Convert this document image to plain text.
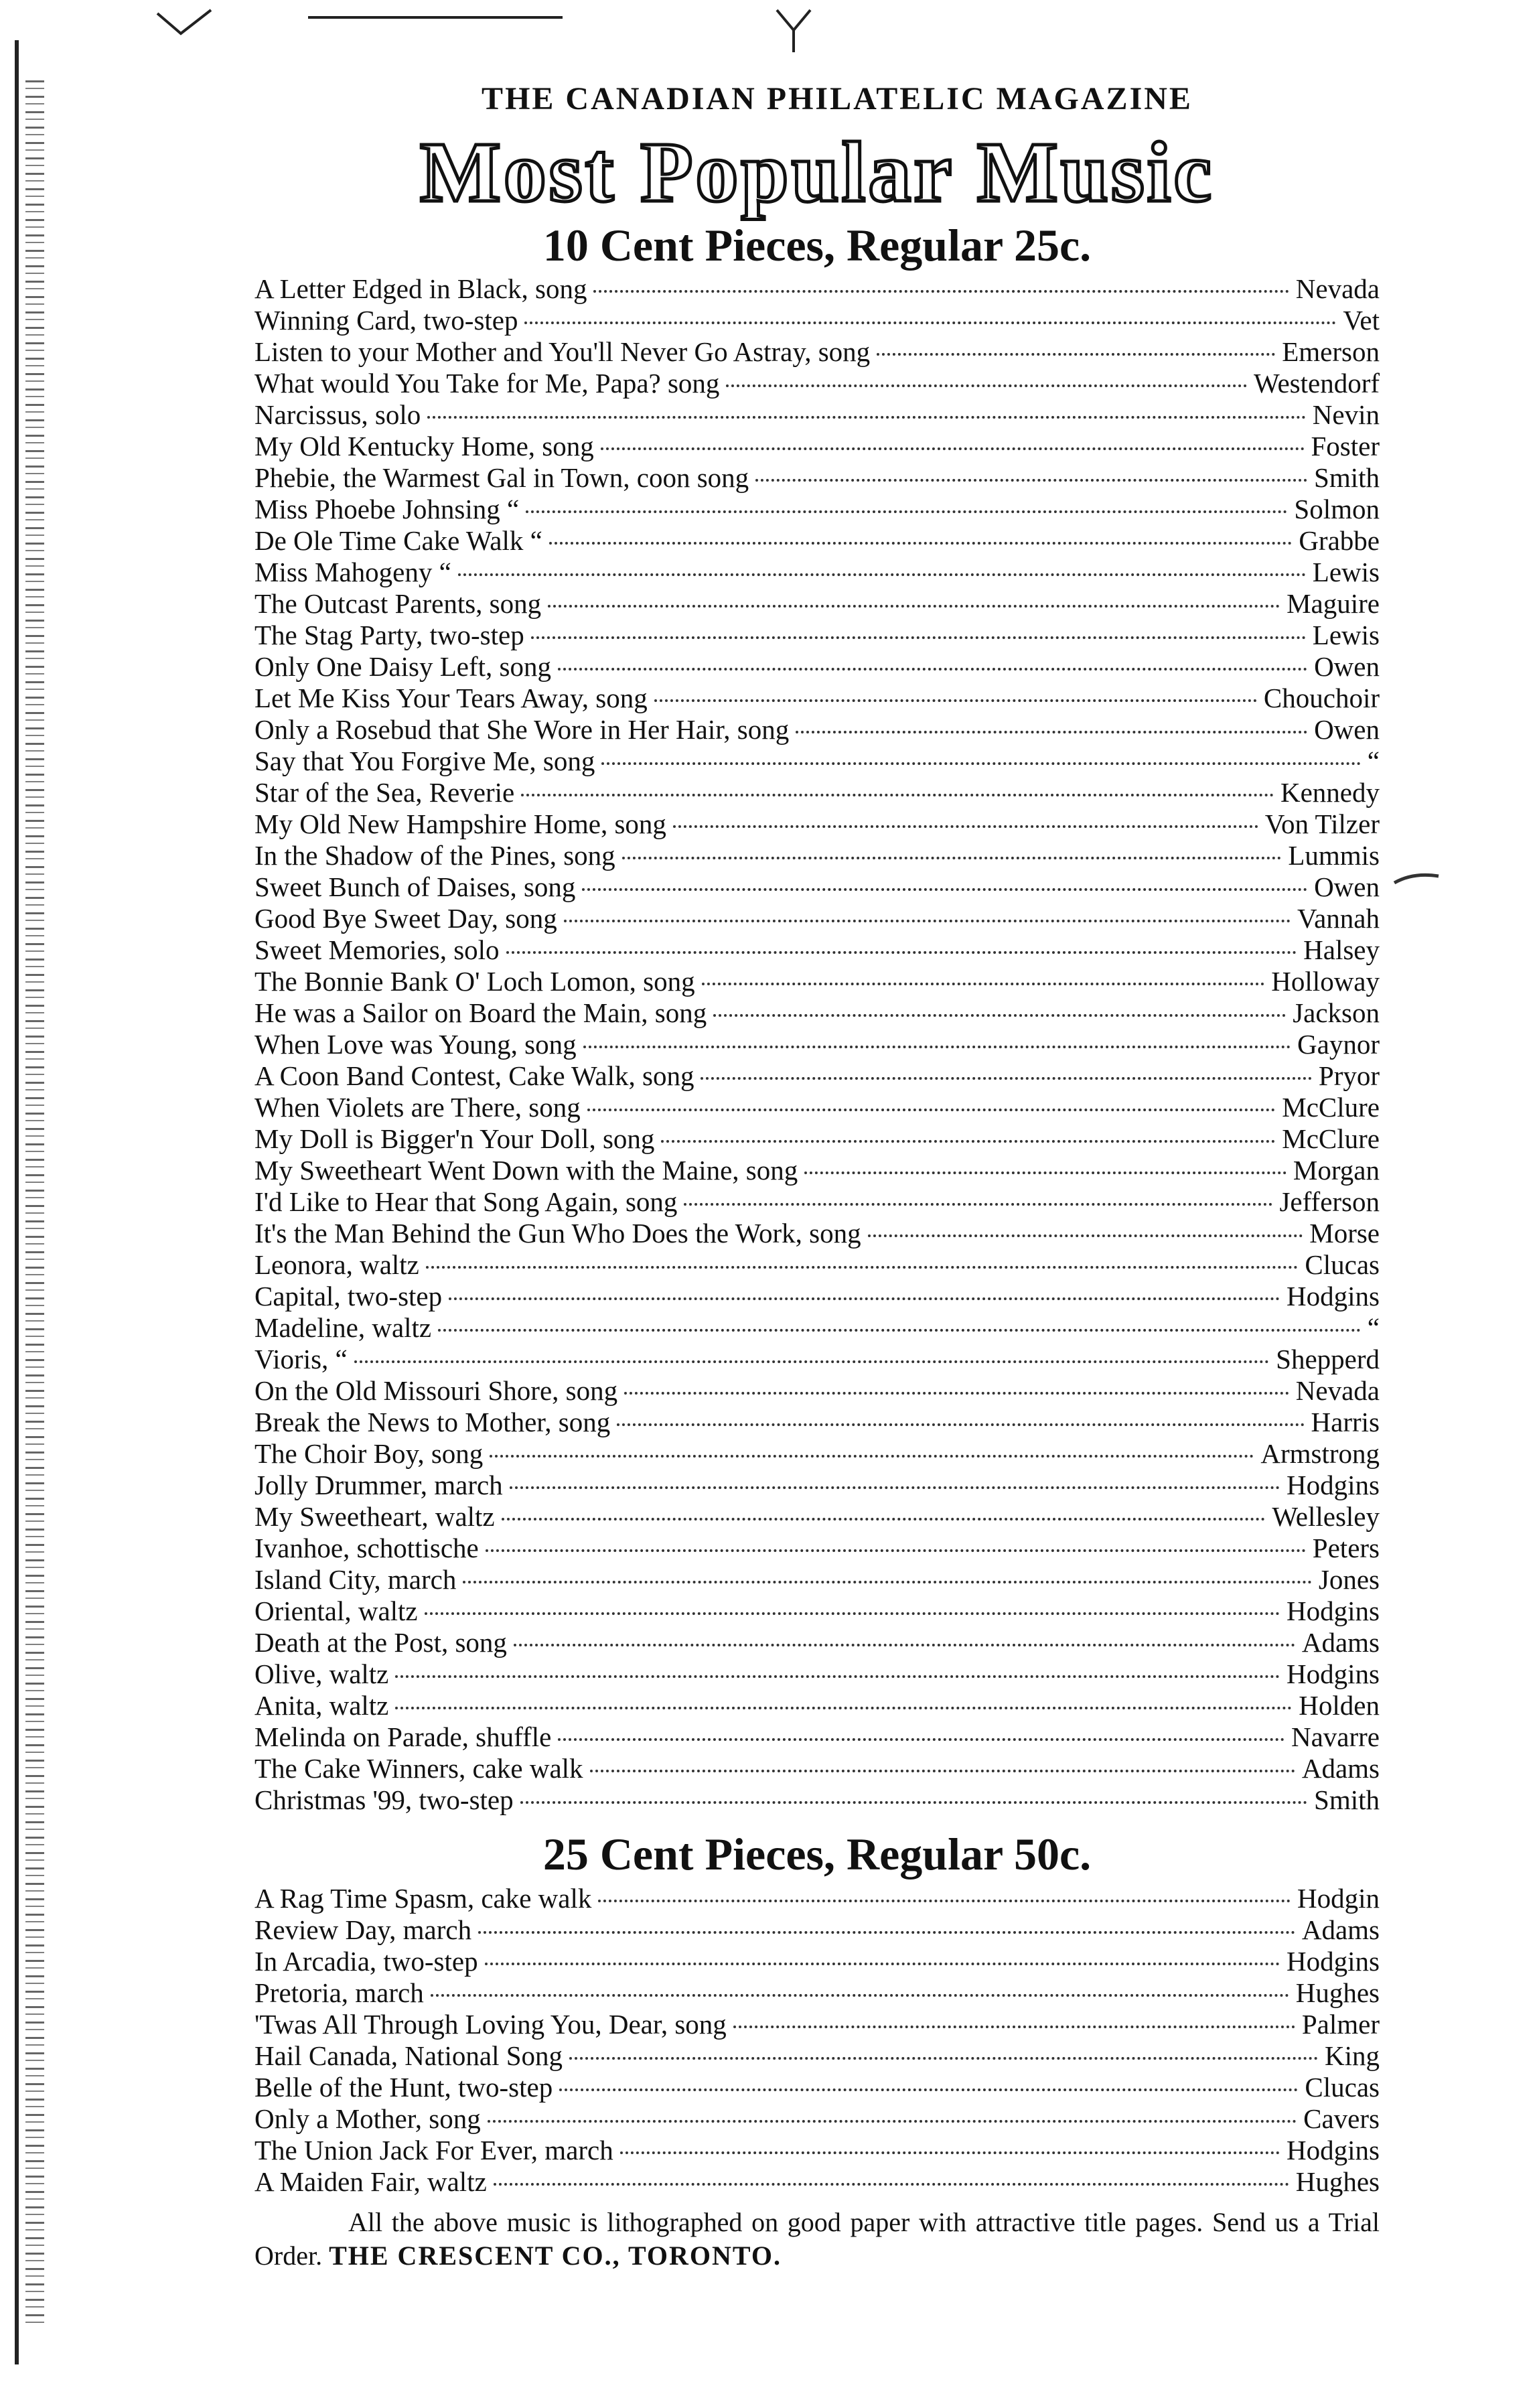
THE CANADIAN PHILATELIC MAGAZINE
Most Popular Music
10 Cent Pieces, Regular 25c.
A Letter Edged in Black, song	Nevada
Winning Card, two-step	Vet
Listen to your Mother and You'll Never Go Astray, song	Emerson
What would You Take for Me, Papa? song	Westendorf
Narcissus, solo	Nevin
My Old Kentucky Home, song	Foster
Phebie, the Warmest Gal in Town, coon song	Smith
Miss Phoebe Johnsing “	Solmon
De Ole Time Cake Walk “	Grabbe
Miss Mahogeny “	Lewis
The Outcast Parents, song	Maguire
The Stag Party, two-step	Lewis
Only One Daisy Left, song	Owen
Let Me Kiss Your Tears Away, song	Chouchoir
Only a Rosebud that She Wore in Her Hair, song	Owen
Say that You Forgive Me, song	“
Star of the Sea, Reverie	Kennedy
My Old New Hampshire Home, song	Von Tilzer
In the Shadow of the Pines, song	Lummis
Sweet Bunch of Daises, song	Owen
Good Bye Sweet Day, song	Vannah
Sweet Memories, solo	Halsey
The Bonnie Bank O' Loch Lomon, song	Holloway
He was a Sailor on Board the Main, song	Jackson
When Love was Young, song	Gaynor
A Coon Band Contest, Cake Walk, song	Pryor
When Violets are There, song	McClure
My Doll is Bigger'n Your Doll, song	McClure
My Sweetheart Went Down with the Maine, song	Morgan
I'd Like to Hear that Song Again, song	Jefferson
It's the Man Behind the Gun Who Does the Work, song	Morse
Leonora, waltz	Clucas
Capital, two-step	Hodgins
Madeline, waltz	“
Vioris, “	Shepperd
On the Old Missouri Shore, song	Nevada
Break the News to Mother, song	Harris
The Choir Boy, song	Armstrong
Jolly Drummer, march	Hodgins
My Sweetheart, waltz	Wellesley
Ivanhoe, schottische	Peters
Island City, march	Jones
Oriental, waltz	Hodgins
Death at the Post, song	Adams
Olive, waltz	Hodgins
Anita, waltz	Holden
Melinda on Parade, shuffle	Navarre
The Cake Winners, cake walk	Adams
Christmas '99, two-step	Smith
25 Cent Pieces, Regular 50c.
A Rag Time Spasm, cake walk	Hodgin
Review Day, march	Adams
In Arcadia, two-step	Hodgins
Pretoria, march	Hughes
'Twas All Through Loving You, Dear, song	Palmer
Hail Canada, National Song	King
Belle of the Hunt, two-step	Clucas
Only a Mother, song	Cavers
The Union Jack For Ever, march	Hodgins
A Maiden Fair, waltz	Hughes
All the above music is lithographed on good paper with attractive title pages. Send us a Trial Order. THE CRESCENT CO., TORONTO.
